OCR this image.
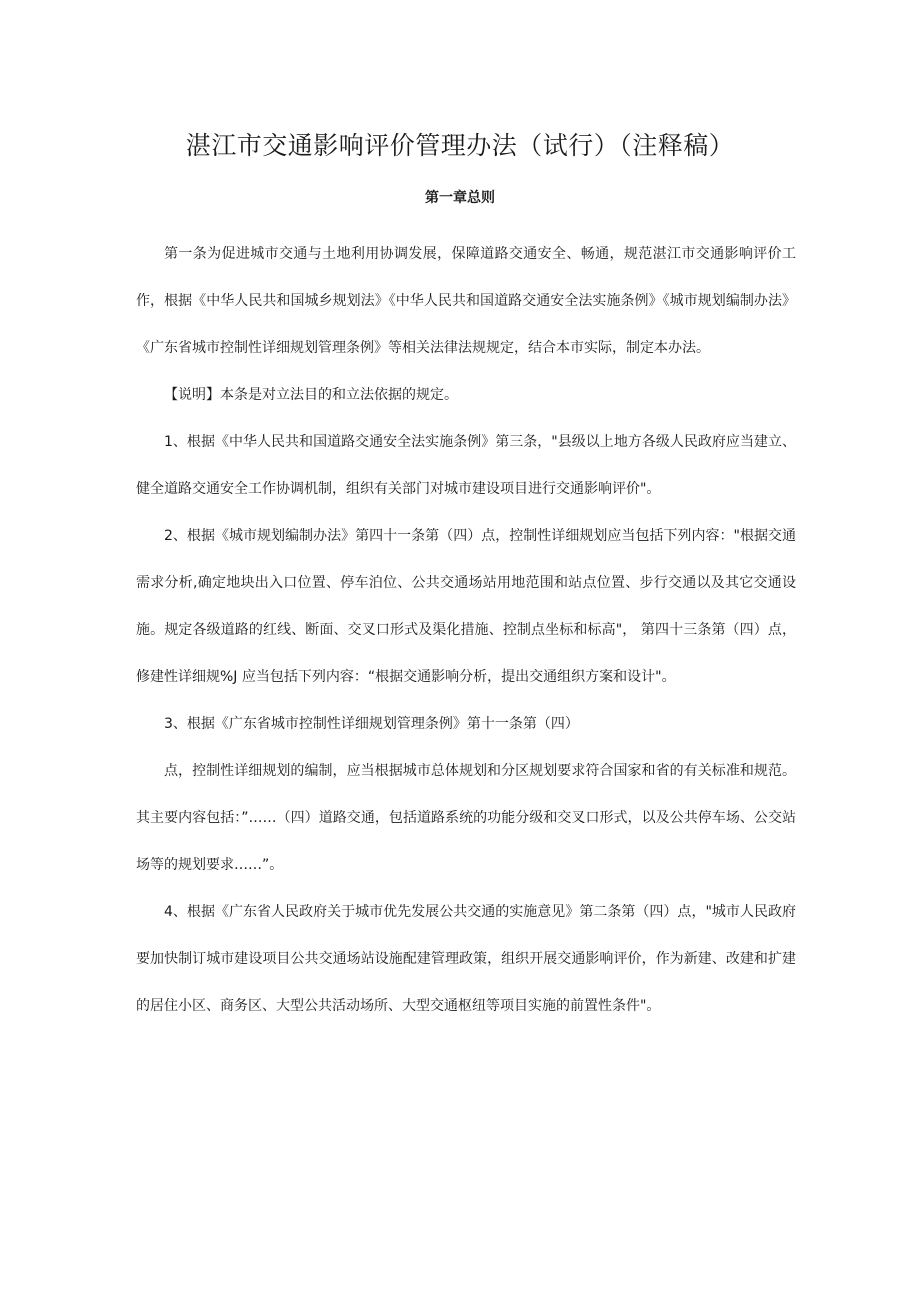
湛江市交通影响评价管理办法（试行）（注释稿）
第一章总则

第一条为促进城市交通与土地利用协调发展，保障道路交通安全、畅通，规范湛江市交通影响评价工作，根据《中华人民共和国城乡规划法》《中华人民共和国道路交通安全法实施条例》《城市规划编制办法》《广东省城市控制性详细规划管理条例》等相关法律法规规定，结合本市实际，制定本办法。

【说明】本条是对立法目的和立法依据的规定。

1、根据《中华人民共和国道路交通安全法实施条例》第三条，"县级以上地方各级人民政府应当建立、健全道路交通安全工作协调机制，组织有关部门对城市建设项目进行交通影响评价"。

2、根据《城市规划编制办法》第四十一条第（四）点，控制性详细规划应当包括下列内容："根据交通需求分析,确定地块出入口位置、停车泊位、公共交通场站用地范围和站点位置、步行交通以及其它交通设施。规定各级道路的红线、断面、交叉口形式及渠化措施、控制点坐标和标高"， 第四十三条第（四）点，修建性详细规%J 应当包括下列内容：“根据交通影响分析，提出交通组织方案和设计"。

3、根据《广东省城市控制性详细规划管理条例》第十一条第（四）

点，控制性详细规划的编制，应当根据城市总体规划和分区规划要求符合国家和省的有关标准和规范。其主要内容包括：”……（四）道路交通，包括道路系统的功能分级和交叉口形式，以及公共停车场、公交站场等的规划要求……”。

4、根据《广东省人民政府关于城市优先发展公共交通的实施意见》第二条第（四）点，"城市人民政府要加快制订城市建设项目公共交通场站设施配建管理政策，组织开展交通影响评价，作为新建、改建和扩建的居住小区、商务区、大型公共活动场所、大型交通枢纽等项目实施的前置性条件"。
